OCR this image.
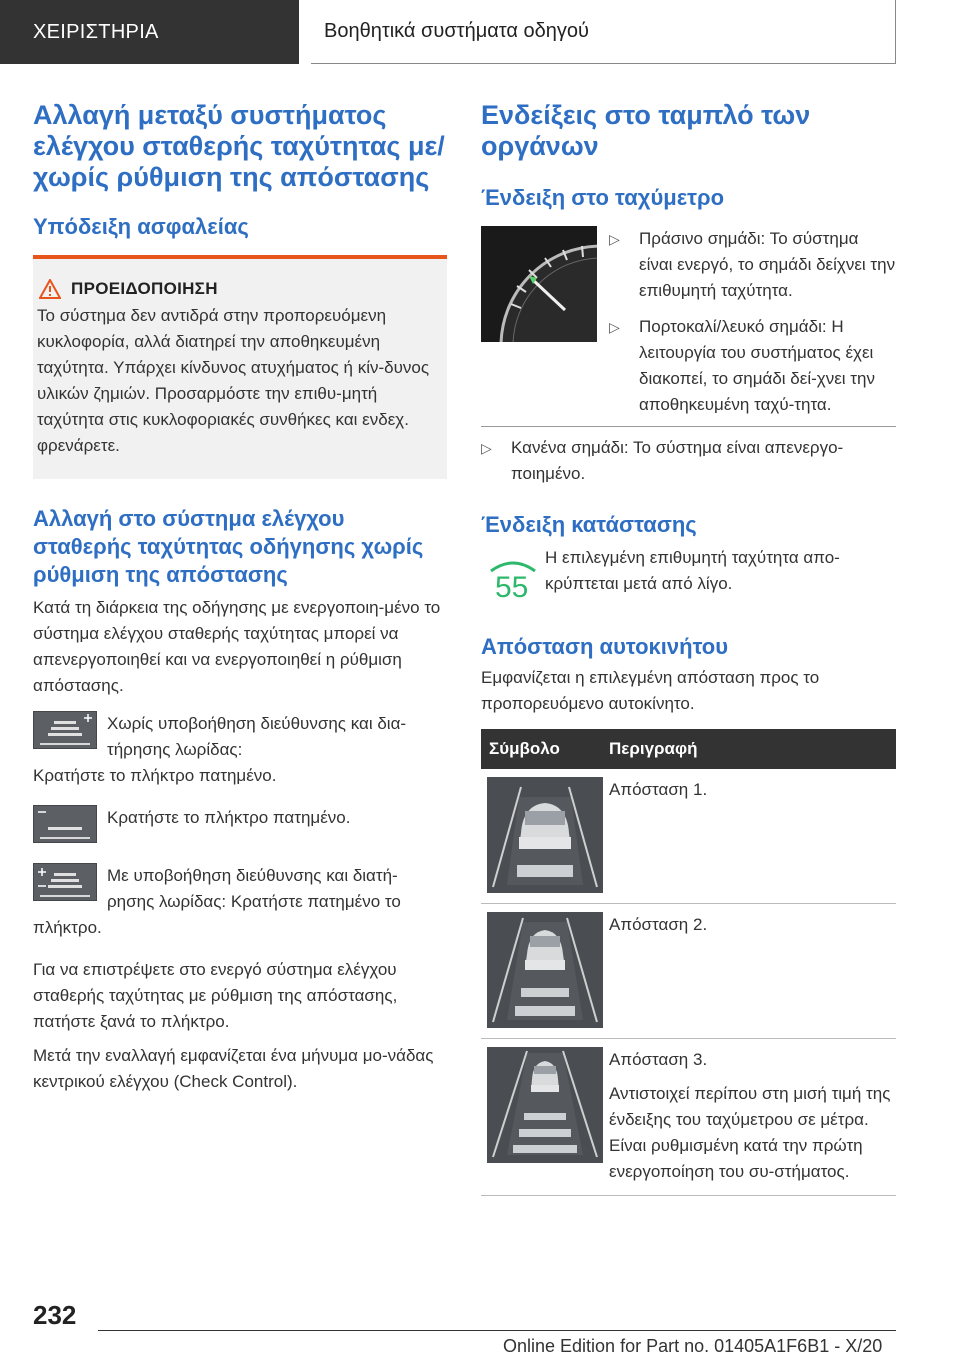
ΧΕΙΡΙΣΤΗΡΙΑ	Βοηθητικά συστήματα οδηγού
Αλλαγή μεταξύ συστήματος ελέγχου σταθερής ταχύτητας με/χωρίς ρύθμιση της απόστασης
Υπόδειξη ασφαλείας
ΠΡΟΕΙΔΟΠΟΙΗΣΗ

Το σύστημα δεν αντιδρά στην προπορευόμενη κυκλοφορία, αλλά διατηρεί την αποθηκευμένη ταχύτητα. Υπάρχει κίνδυνος ατυχήματος ή κίν-δυνος υλικών ζημιών. Προσαρμόστε την επιθυ-μητή ταχύτητα στις κυκλοφοριακές συνθήκες και ενδεχ. φρενάρετε.

Αλλαγή στο σύστημα ελέγχου σταθερής ταχύτητας οδήγησης χωρίς ρύθμιση της απόστασης

Κατά τη διάρκεια της οδήγησης με ενεργοποιη-μένο το σύστημα ελέγχου σταθερής ταχύτητας μπορεί να απενεργοποιηθεί και να ενεργοποιηθεί η ρύθμιση απόστασης.

Χωρίς υποβοήθηση διεύθυνσης και δια-

τήρησης λωρίδας:

Κρατήστε το πλήκτρο πατημένο.

Κρατήστε το πλήκτρο πατημένο.

Με υποβοήθηση διεύθυνσης και διατή-

ρησης λωρίδας: Κρατήστε πατημένο το

πλήκτρο.

Για να επιστρέψετε στο ενεργό σύστημα ελέγχου σταθερής ταχύτητας με ρύθμιση της απόστασης, πατήστε ξανά το πλήκτρο.

Μετά την εναλλαγή εμφανίζεται ένα μήνυμα μο-νάδας κεντρικού ελέγχου (Check Control).

Ενδείξεις στο ταμπλό των οργάνων
Ένδειξη στο ταχύμετρο
▷	Πράσινο σημάδι: Το σύστημα είναι ενεργό, το σημάδι δείχνει την επιθυμητή ταχύτητα.

▷	Πορτοκαλί/λευκό σημάδι: Η λειτουργία του συστήματος έχει διακοπεί, το σημάδι δεί-χνει την αποθηκευμένη ταχύ-τητα.

▷	Κανένα σημάδι: Το σύστημα είναι απενεργο-ποιημένο.

Ένδειξη κατάστασης
55

Η επιλεγμένη επιθυμητή ταχύτητα απο-κρύπτεται μετά από λίγο.

Απόσταση αυτοκινήτου

Εμφανίζεται η επιλεγμένη απόσταση προς το προπορευόμενο αυτοκίνητο.

Σύμβολο	Περιγραφή

Απόσταση 1.

Απόσταση 2.

Απόσταση 3.

Αντιστοιχεί περίπου στη μισή τιμή της ένδειξης του ταχύμετρου σε μέτρα. Είναι ρυθμισμένη κατά την πρώτη ενεργοποίηση του συ-στήματος.

232
Online Edition for Part no. 01405A1F6B1 - X/20
